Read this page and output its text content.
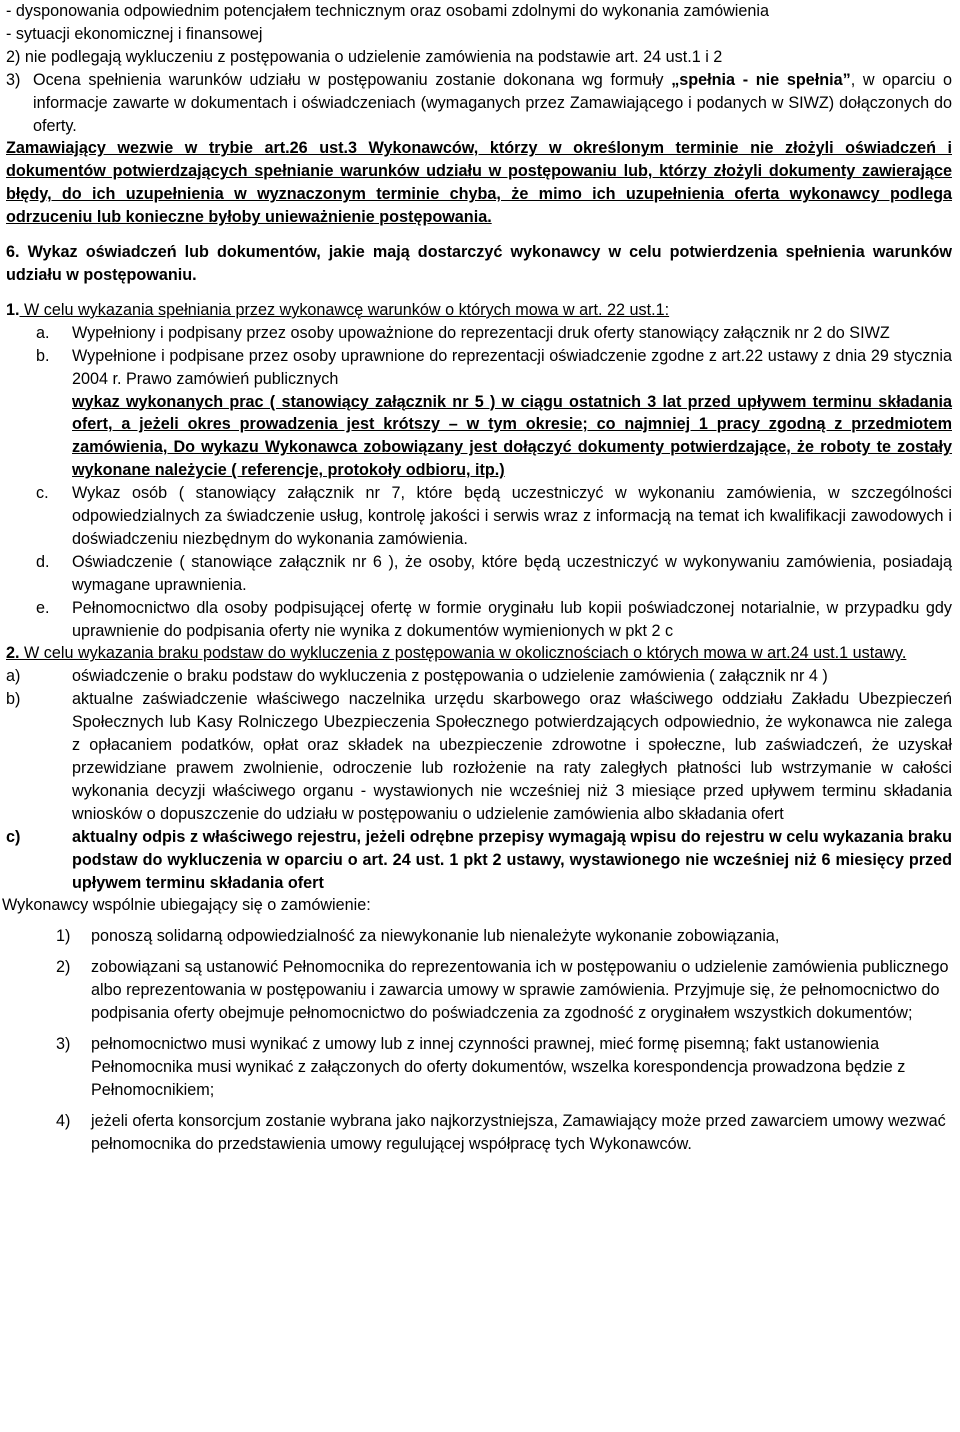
- dysponowania odpowiednim potencjałem technicznym oraz osobami zdolnymi do wykonania zamówienia

- sytuacji ekonomicznej i finansowej

2) nie podlegają wykluczeniu z postępowania o udzielenie zamówienia na podstawie art. 24 ust.1 i 2

3) Ocena spełnienia warunków udziału w postępowaniu zostanie dokonana wg formuły „spełnia - nie spełnia”, w oparciu o informacje zawarte w dokumentach i oświadczeniach (wymaganych przez Zamawiającego i podanych w SIWZ) dołączonych do oferty.

Zamawiający wezwie w trybie art.26 ust.3 Wykonawców, którzy w określonym terminie nie złożyli oświadczeń i dokumentów potwierdzających spełnianie warunków udziału w postępowaniu lub, którzy złożyli dokumenty zawierające błędy, do ich uzupełnienia w wyznaczonym terminie chyba, że mimo ich uzupełnienia oferta wykonawcy podlega odrzuceniu lub konieczne byłoby unieważnienie postępowania.

6. Wykaz oświadczeń lub dokumentów, jakie mają dostarczyć wykonawcy w celu potwierdzenia spełnienia warunków udziału w postępowaniu.

1. W celu wykazania spełniania przez wykonawcę warunków o których mowa w art. 22 ust.1:

a.	Wypełniony i podpisany przez osoby upoważnione do reprezentacji druk oferty stanowiący załącznik nr 2 do SIWZ
b.	Wypełnione i podpisane przez osoby uprawnione do reprezentacji oświadczenie zgodne z art.22 ustawy z dnia 29 stycznia 2004 r. Prawo zamówień publicznych

wykaz wykonanych prac ( stanowiący załącznik nr 5 ) w ciągu ostatnich 3 lat przed upływem terminu składania ofert, a jeżeli okres prowadzenia jest krótszy – w tym okresie; co najmniej 1 pracy zgodną z przedmiotem zamówienia, Do wykazu Wykonawca zobowiązany jest dołączyć dokumenty potwierdzające, że roboty te zostały wykonane należycie ( referencje, protokoły odbioru, itp.)

c.	Wykaz osób ( stanowiący załącznik nr 7, które będą uczestniczyć w wykonaniu zamówienia, w szczególności odpowiedzialnych za świadczenie usług, kontrolę jakości i serwis wraz z informacją na temat ich kwalifikacji zawodowych i doświadczeniu niezbędnym do wykonania zamówienia.
d.	Oświadczenie ( stanowiące załącznik nr 6 ), że osoby, które będą uczestniczyć w wykonywaniu zamówienia, posiadają wymagane uprawnienia.
e.	Pełnomocnictwo dla osoby podpisującej ofertę w formie oryginału lub kopii poświadczonej notarialnie, w przypadku gdy uprawnienie do podpisania oferty nie wynika z dokumentów wymienionych w pkt 2 c

2. W celu wykazania braku podstaw do wykluczenia z postępowania w okolicznościach o których mowa w art.24 ust.1 ustawy.

a)	oświadczenie o braku podstaw do wykluczenia z postępowania o udzielenie zamówienia ( załącznik nr 4 )
b)	aktualne zaświadczenie właściwego naczelnika urzędu skarbowego oraz właściwego oddziału Zakładu Ubezpieczeń Społecznych lub Kasy Rolniczego Ubezpieczenia Społecznego potwierdzających odpowiednio, że wykonawca nie zalega z opłacaniem podatków, opłat oraz składek na ubezpieczenie zdrowotne i społeczne, lub zaświadczeń, że uzyskał przewidziane prawem zwolnienie, odroczenie lub rozłożenie na raty zaległych płatności lub wstrzymanie w całości wykonania decyzji właściwego organu - wystawionych nie wcześniej niż 3 miesiące przed upływem terminu składania wniosków o dopuszczenie do udziału w postępowaniu o udzielenie zamówienia albo składania ofert
c)	aktualny odpis z właściwego rejestru, jeżeli odrębne przepisy wymagają wpisu do rejestru w celu wykazania braku podstaw do wykluczenia w oparciu o art. 24 ust. 1 pkt 2 ustawy, wystawionego nie wcześniej niż 6 miesięcy przed upływem terminu składania ofert

Wykonawcy wspólnie ubiegający się o zamówienie:

1)	ponoszą solidarną odpowiedzialność za niewykonanie lub nienależyte wykonanie zobowiązania,
2)	zobowiązani są ustanowić Pełnomocnika do reprezentowania ich w postępowaniu o udzielenie zamówienia publicznego albo reprezentowania w postępowaniu i zawarcia umowy w sprawie zamówienia. Przyjmuje się, że pełnomocnictwo do podpisania oferty obejmuje pełnomocnictwo do poświadczenia za zgodność z oryginałem wszystkich dokumentów;
3)	pełnomocnictwo musi wynikać z umowy lub z innej czynności prawnej, mieć formę pisemną; fakt ustanowienia Pełnomocnika musi wynikać z załączonych do oferty dokumentów, wszelka korespondencja prowadzona będzie z Pełnomocnikiem;
4)	jeżeli oferta konsorcjum zostanie wybrana jako najkorzystniejsza, Zamawiający może przed zawarciem umowy wezwać pełnomocnika do przedstawienia umowy regulującej współpracę tych Wykonawców.
